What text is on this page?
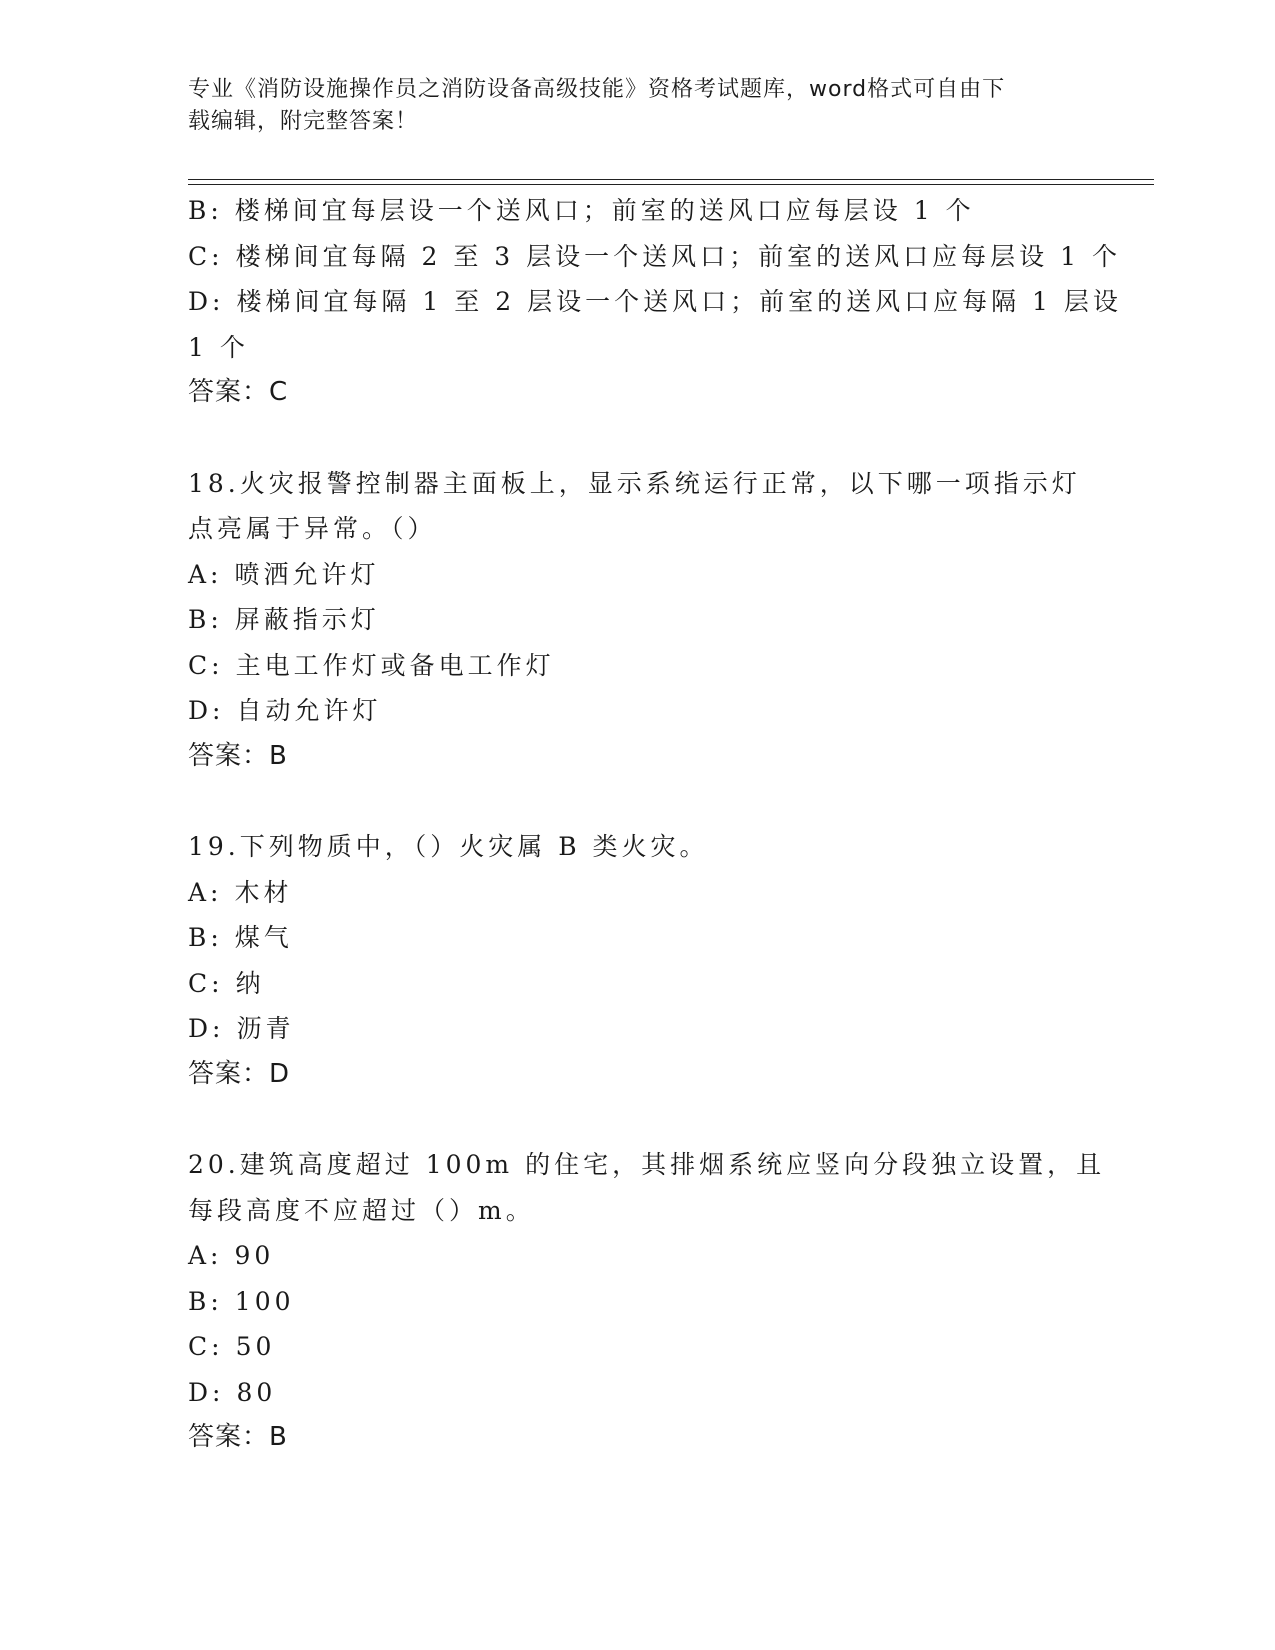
专业《消防设施操作员之消防设备高级技能》资格考试题库，word格式可自由下
载编辑，附完整答案！
B: 楼梯间宜每层设一个送风口；前室的送风口应每层设 1 个
C: 楼梯间宜每隔 2 至 3 层设一个送风口；前室的送风口应每层设 1 个
D: 楼梯间宜每隔 1 至 2 层设一个送风口；前室的送风口应每隔 1 层设
1 个
答案：C
18.火灾报警控制器主面板上，显示系统运行正常，以下哪一项指示灯
点亮属于异常。（）
A: 喷洒允许灯
B: 屏蔽指示灯
C: 主电工作灯或备电工作灯
D: 自动允许灯
答案：B
19.下列物质中，（）火灾属 B 类火灾。
A: 木材
B: 煤气
C: 纳
D: 沥青
答案：D
20.建筑高度超过 100m 的住宅，其排烟系统应竖向分段独立设置，且
每段高度不应超过（）m。
A: 90
B: 100
C: 50
D: 80
答案：B
